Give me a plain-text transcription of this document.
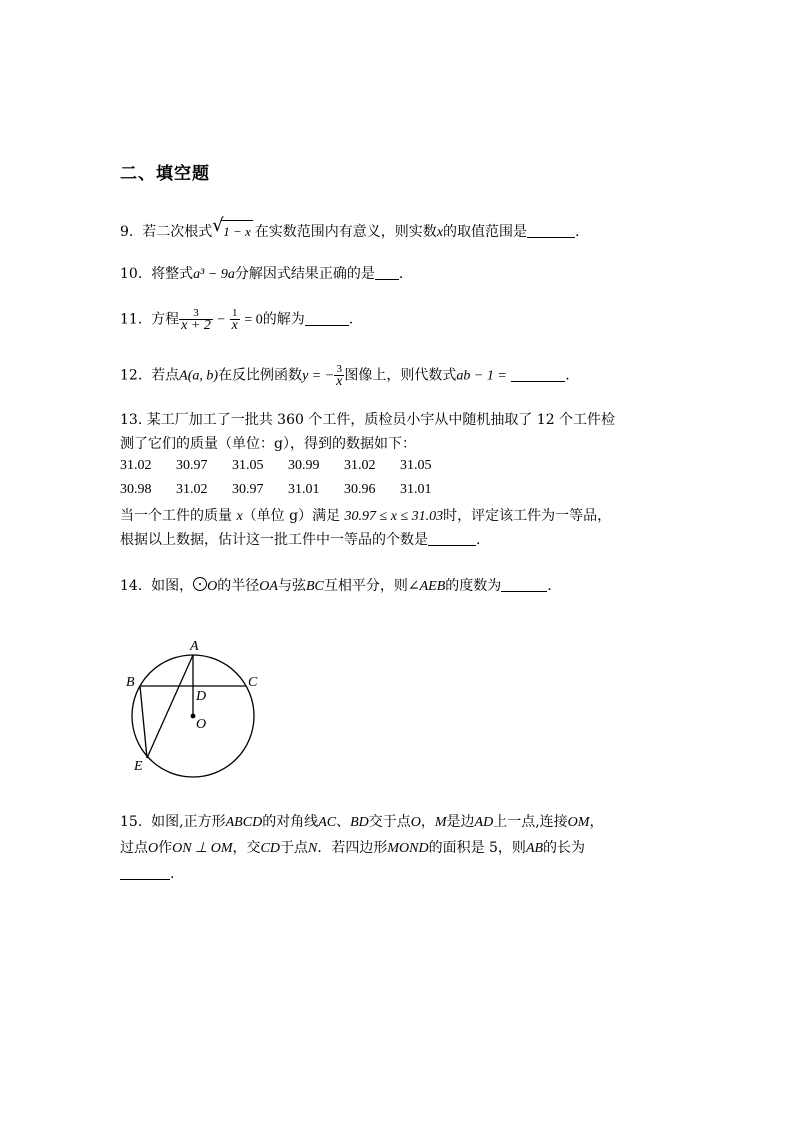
二、填空题
9. 若二次根式 √ 1 − x 在实数范围内有意义，则实数x的取值范围是	.
10. 将整式a³ − 9a分解因式结果正确的是 .
11. 方程 $\frac{3}{x + 2} - \frac{1}{x} = 0$的解为	.
12. 若点A(a, b)在反比例函数y = − $\frac{3}{x}$ 图像上，则代数式ab − 1 =	.
13. 某工厂加工了一批共 360 个工件，质检员小宇从中随机抽取了 12 个工件检
测了它们的质量（单位：g），得到的数据如下：
31.02 30.97 31.05 30.99 31.02 31.05
30.98 31.02 30.97 31.01 30.96 31.01
当一个工件的质量 x（单位 g）满足 30.97 ≤ x ≤ 31.03时，评定该工件为一等品，
根据以上数据，估计这一批工件中一等品的个数是	.
14. 如图， O的半径OA与弦BC互相平分，则∠AEB的度数为	.
A
B	C
D
O
E
15. 如图,正方形ABCD的对角线AC、BD交于点O，M是边AD上一点,连接OM，
过点O作ON ⊥ OM，交CD于点N．若四边形MOND的面积是 5，则AB的长为
.
